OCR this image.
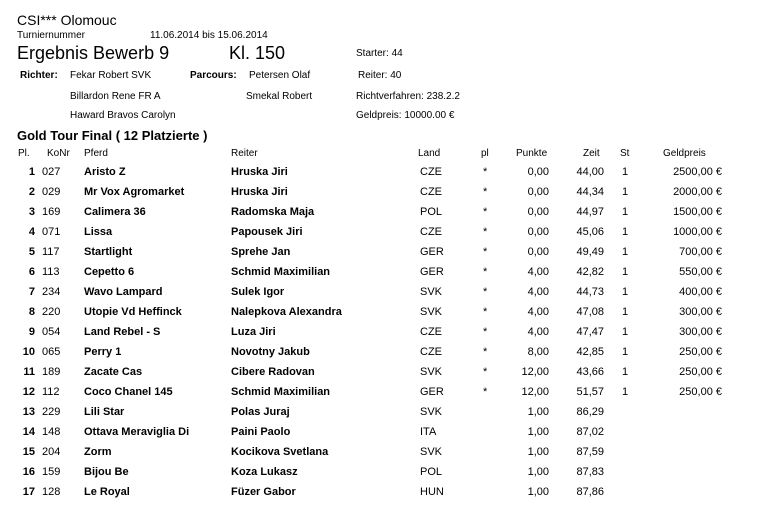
CSI*** Olomouc
Turniernummer	11.06.2014 bis 15.06.2014
Ergebnis Bewerb 9	Kl. 150	Starter: 44
Reiter: 40
Richtverfahren: 238.2.2
Geldpreis: 10000.00 €
Richter: Fekar Robert SVK
Billardon Rene FR A
Haward Bravos Carolyn
Parcours: Petersen Olaf
Smekal Robert
Gold Tour Final ( 12 Platzierte )
Pl. KoNr Pferd	Reiter	Land	pl	Punkte	Zeit St	Geldpreis
1 027 Aristo Z	Hruska Jiri	CZE	*	0,00 44,00 1	2500,00 €
2 029 Mr Vox Agromarket	Hruska Jiri	CZE	*	0,00 44,34 1	2000,00 €
3 169 Calimera 36	Radomska Maja	POL	*	0,00 44,97 1	1500,00 €
4 071 Lissa	Papousek Jiri	CZE	*	0,00 45,06 1	1000,00 €
5 117 Startlight	Sprehe Jan	GER	*	0,00 49,49 1	700,00 €
6 113 Cepetto 6	Schmid Maximilian	GER	*	4,00 42,82 1	550,00 €
7 234 Wavo Lampard	Sulek Igor	SVK	*	4,00 44,73 1	400,00 €
8 220 Utopie Vd Heffinck	Nalepkova Alexandra	SVK	*	4,00 47,08 1	300,00 €
9 054 Land Rebel - S	Luza Jiri	CZE	*	4,00 47,47 1	300,00 €
10 065 Perry 1	Novotny Jakub	CZE	*	8,00 42,85 1	250,00 €
11 189 Zacate Cas	Cibere Radovan	SVK	*	12,00 43,66 1	250,00 €
12 112 Coco Chanel 145	Schmid Maximilian	GER	*	12,00 51,57 1	250,00 €
13 229 Lili Star	Polas Juraj	SVK	1,00 86,29
14 148 Ottava Meraviglia Di	Paini Paolo	ITA	1,00 87,02
15 204 Zorm	Kocikova Svetlana	SVK	1,00 87,59
16 159 Bijou Be	Koza Lukasz	POL	1,00 87,83
17 128 Le Royal	Füzer Gabor	HUN	1,00 87,86
